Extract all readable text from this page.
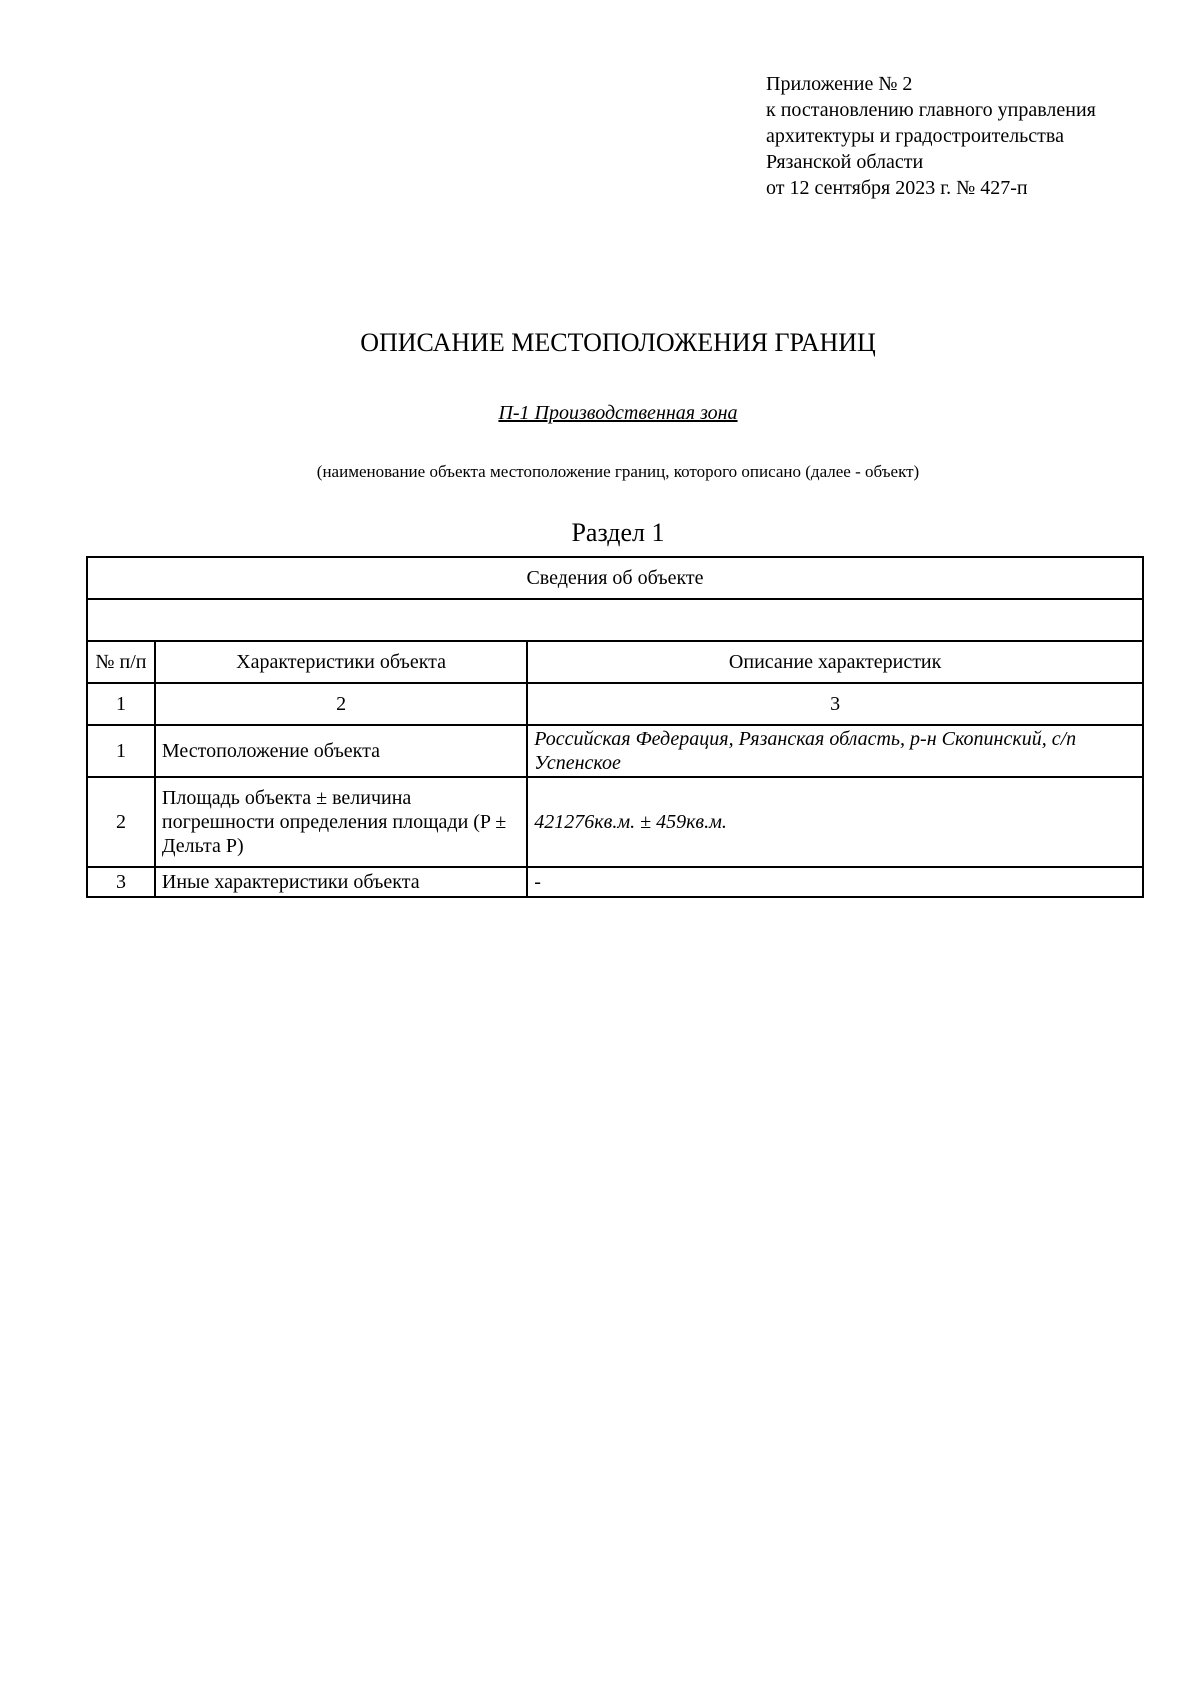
Приложение № 2
к постановлению главного управления
архитектуры и градостроительства
Рязанской области
от 12 сентября 2023 г. № 427-п
ОПИСАНИЕ МЕСТОПОЛОЖЕНИЯ ГРАНИЦ
П-1 Производственная зона
(наименование объекта местоположение границ, которого описано (далее - объект)
Раздел 1
Сведения об объекте		

№ п/п	Характеристики объекта	Описание характеристик
1	2	3
1	Местоположение объекта	Российская Федерация, Рязанская область, р-н Скопинский, с/п Успенское
2	Площадь объекта ± величина погрешности определения площади (P ± Дельта P)	421276кв.м. ± 459кв.м.
3	Иные характеристики объекта	-
